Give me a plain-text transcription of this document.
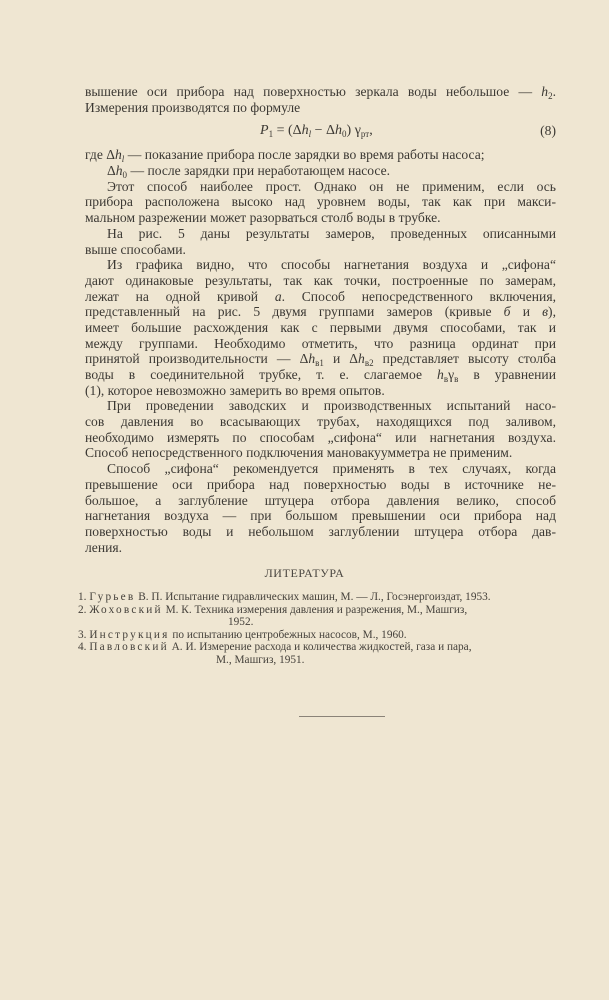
вышение оси прибора над поверхностью зеркала воды небольшое — $h_2$.
Измерения производятся по формуле
$P_1 = (\Delta h_l - \Delta h_0)$ $\gamma_{рт}$,	(8)
где $\Delta h_l$ — показание прибора после зарядки во время работы насоса;
$\Delta h_0$ — после зарядки при неработающем насосе.
Этот способ наиболее прост. Однако он не применим, если ось
прибора расположена высоко над уровнем воды, так как при макси-
мальном разрежении может разорваться столб воды в трубке.
На рис. 5 даны результаты замеров, проведенных описанными
выше способами.
Из графика видно, что способы нагнетания воздуха и „сифона“
дают одинаковые результаты, так как точки, построенные по замерам,
лежат на одной кривой а. Способ непосредственного включения,
представленный на рис. 5 двумя группами замеров (кривые б и в),
имеет большие расхождения как с первыми двумя способами, так и
между группами. Необходимо отметить, что разница ординат при
принятой производительности — $\Delta h_{в1}$ и $\Delta h_{в2}$ представляет высоту столба
воды в соединительной трубке, т. е. слагаемое $h_в\gamma_в$ в уравнении
(1), которое невозможно замерить во время опытов.
При проведении заводских и производственных испытаний насо-
сов давления во всасывающих трубах, находящихся под заливом,
необходимо измерять по способам „сифона“ или нагнетания воздуха.
Способ непосредственного подключения мановакуумметра не применим.
Способ „сифона“ рекомендуется применять в тех случаях, когда
превышение оси прибора над поверхностью воды в источнике не-
большое, а заглубление штуцера отбора давления велико, способ
нагнетания воздуха — при большом превышении оси прибора над
поверхностью воды и небольшом заглублении штуцера отбора дав-
ления.
ЛИТЕРАТУРА
1. Гурьев В. П. Испытание гидравлических машин, М. — Л., Госэнергоиздат, 1953.
2. Жоховский М. К. Техника измерения давления и разрежения, М., Машгиз,
1952.
3. Инструкция по испытанию центробежных насосов, М., 1960.
4. Павловский А. И. Измерение расхода и количества жидкостей, газа и пара,
М., Машгиз, 1951.
